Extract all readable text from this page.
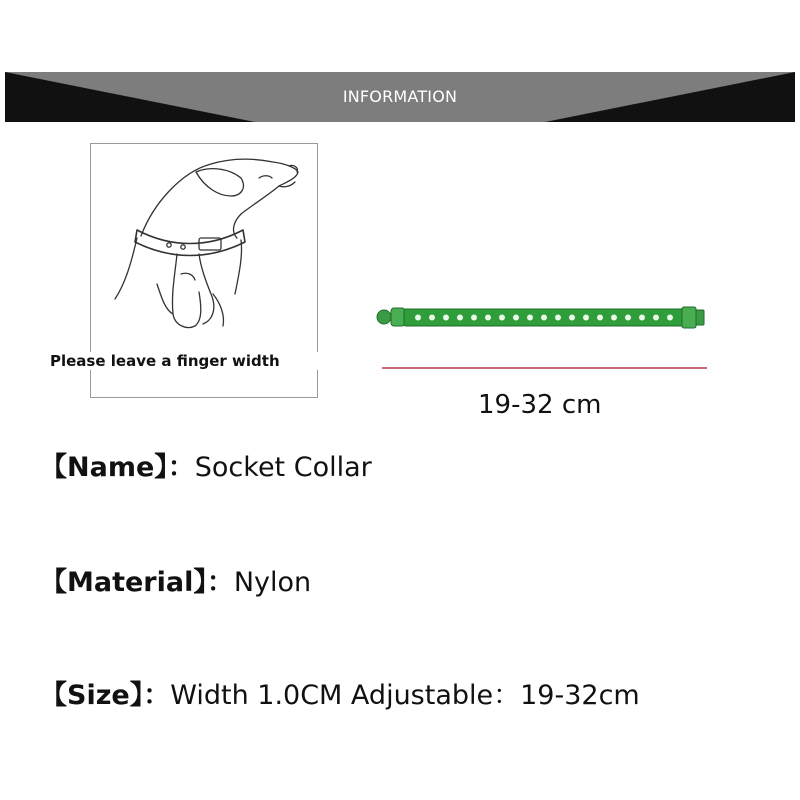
INFORMATION
Please leave a finger width
19-32 cm
【Name】：Socket Collar
【Material】：Nylon
【Size】：Width 1.0CM Adjustable：19-32cm
